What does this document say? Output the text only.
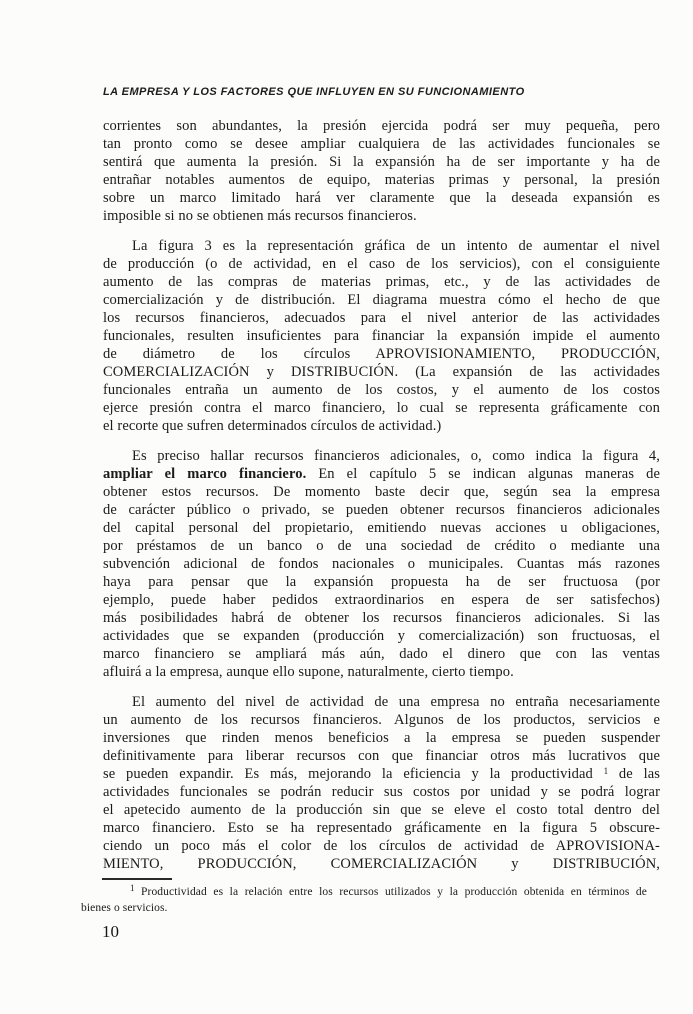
LA EMPRESA Y LOS FACTORES QUE INFLUYEN EN SU FUNCIONAMIENTO
corrientes son abundantes, la presión ejercida podrá ser muy pequeña, pero
tan pronto como se desee ampliar cualquiera de las actividades funcionales se
sentirá que aumenta la presión. Si la expansión ha de ser importante y ha de
entrañar notables aumentos de equipo, materias primas y personal, la presión
sobre un marco limitado hará ver claramente que la deseada expansión es
imposible si no se obtienen más recursos financieros.
La figura 3 es la representación gráfica de un intento de aumentar el nivel
de producción (o de actividad, en el caso de los servicios), con el consiguiente
aumento de las compras de materias primas, etc., y de las actividades de
comercialización y de distribución. El diagrama muestra cómo el hecho de que
los recursos financieros, adecuados para el nivel anterior de las actividades
funcionales, resulten insuficientes para financiar la expansión impide el aumento
de diámetro de los círculos APROVISIONAMIENTO, PRODUCCIÓN,
COMERCIALIZACIÓN y DISTRIBUCIÓN. (La expansión de las actividades
funcionales entraña un aumento de los costos, y el aumento de los costos
ejerce presión contra el marco financiero, lo cual se representa gráficamente con
el recorte que sufren determinados círculos de actividad.)
Es preciso hallar recursos financieros adicionales, o, como indica la figura 4,
ampliar el marco financiero. En el capítulo 5 se indican algunas maneras de
obtener estos recursos. De momento baste decir que, según sea la empresa
de carácter público o privado, se pueden obtener recursos financieros adicionales
del capital personal del propietario, emitiendo nuevas acciones u obligaciones,
por préstamos de un banco o de una sociedad de crédito o mediante una
subvención adicional de fondos nacionales o municipales. Cuantas más razones
haya para pensar que la expansión propuesta ha de ser fructuosa (por
ejemplo, puede haber pedidos extraordinarios en espera de ser satisfechos)
más posibilidades habrá de obtener los recursos financieros adicionales. Si las
actividades que se expanden (producción y comercialización) son fructuosas, el
marco financiero se ampliará más aún, dado el dinero que con las ventas
afluirá a la empresa, aunque ello supone, naturalmente, cierto tiempo.
El aumento del nivel de actividad de una empresa no entraña necesariamente
un aumento de los recursos financieros. Algunos de los productos, servicios e
inversiones que rinden menos beneficios a la empresa se pueden suspender
definitivamente para liberar recursos con que financiar otros más lucrativos que
se pueden expandir. Es más, mejorando la eficiencia y la productividad $^1$ de las
actividades funcionales se podrán reducir sus costos por unidad y se podrá lograr
el apetecido aumento de la producción sin que se eleve el costo total dentro del
marco financiero. Esto se ha representado gráficamente en la figura 5 obscure-
ciendo un poco más el color de los círculos de actividad de APROVISIONA-
MIENTO, PRODUCCIÓN, COMERCIALIZACIÓN y DISTRIBUCIÓN,
$^1$ Productividad es la relación entre los recursos utilizados y la producción obtenida en términos de
bienes o servicios.
10
